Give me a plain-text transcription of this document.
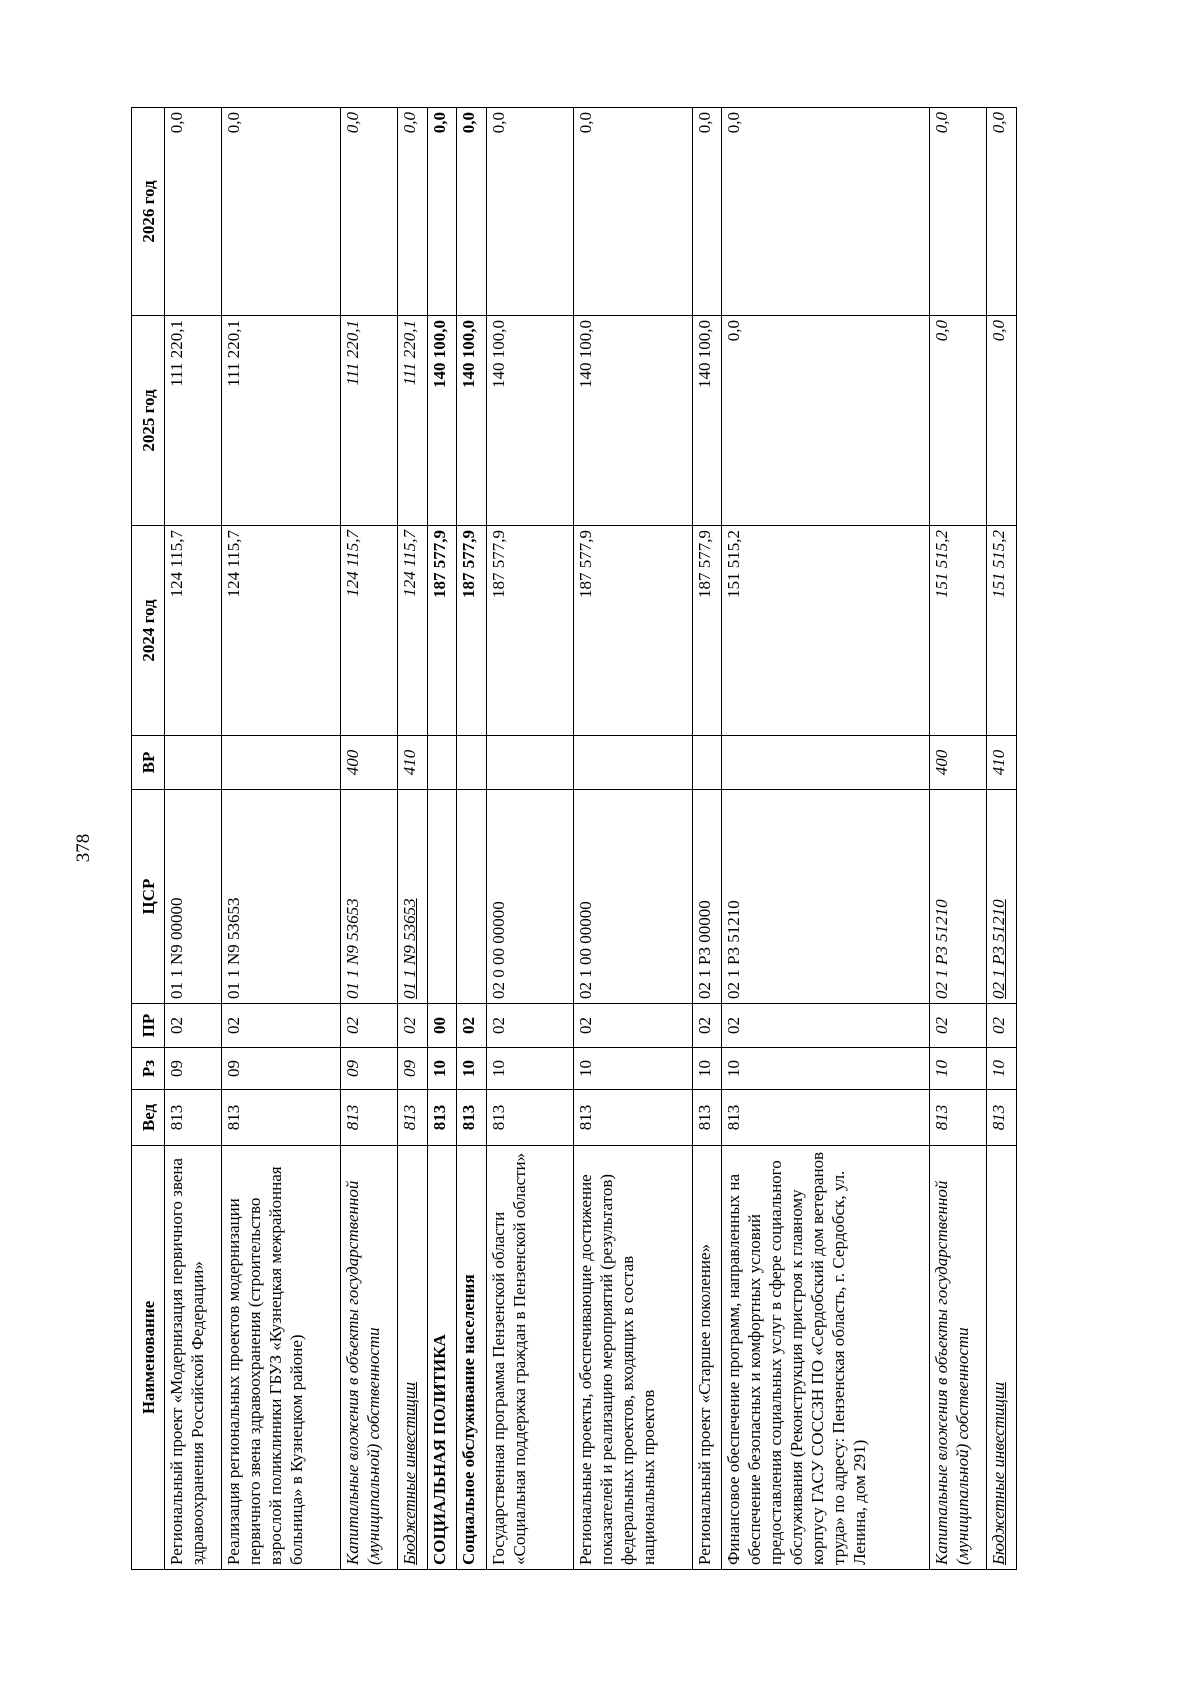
378
Наименование	Вед	Рз	ПР	ЦСР	ВР	2024 год	2025 год	2026 год
Региональный проект «Модернизация первичного звена здравоохранения Российской Федерации»	813	09	02	01 1 N9 00000		124 115,7	111 220,1	0,0
Реализация региональных проектов модернизации первичного звена здравоохранения (строительство взрослой поликлиники ГБУЗ «Кузнецкая межрайонная больница» в Кузнецком районе)	813	09	02	01 1 N9 53653		124 115,7	111 220,1	0,0
Капитальные вложения в объекты государственной (муниципальной) собственности	813	09	02	01 1 N9 53653	400	124 115,7	111 220,1	0,0
Бюджетные инвестиции	813	09	02	01 1 N9 53653	410	124 115,7	111 220,1	0,0
СОЦИАЛЬНАЯ ПОЛИТИКА	813	10	00			187 577,9	140 100,0	0,0
Социальное обслуживание населения	813	10	02			187 577,9	140 100,0	0,0
Государственная программа Пензенской области «Социальная поддержка граждан в Пензенской области»	813	10	02	02 0 00 00000		187 577,9	140 100,0	0,0
Региональные проекты, обеспечивающие достижение показателей и реализацию мероприятий (результатов) федеральных проектов, входящих в состав национальных проектов	813	10	02	02 1 00 00000		187 577,9	140 100,0	0,0
Региональный проект «Старшее поколение»	813	10	02	02 1 P3 00000		187 577,9	140 100,0	0,0
Финансовое обеспечение программ, направленных на обеспечение безопасных и комфортных условий предоставления социальных услуг в сфере социального обслуживания (Реконструкция пристроя к главному корпусу ГАСУ СОССЗН ПО «Сердобский дом ветеранов труда» по адресу: Пензенская область, г. Сердобск, ул. Ленина, дом 291)	813	10	02	02 1 P3 51210		151 515,2	0,0	0,0
Капитальные вложения в объекты государственной (муниципальной) собственности	813	10	02	02 1 P3 51210	400	151 515,2	0,0	0,0
Бюджетные инвестиции	813	10	02	02 1 P3 51210	410	151 515,2	0,0	0,0
